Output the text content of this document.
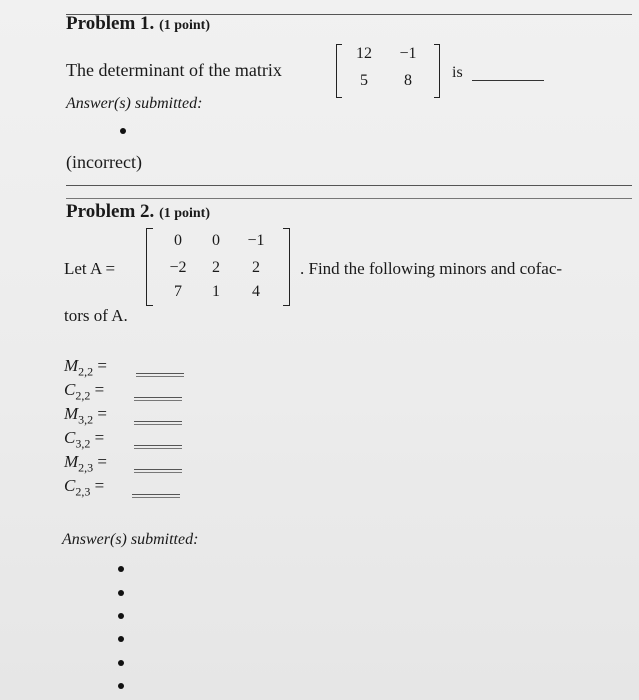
Problem 1. (1 point)
The determinant of the matrix
12 −1
5	8	is
Answer(s) submitted:
(incorrect)
Problem 2. (1 point)
Let A =
0	0	−1
−2	2	2
7	1	4
. Find the following minors and cofac-
tors of A.
$M_{2,2}$ =
$C_{2,2}$ =
$M_{3,2}$ =
$C_{3,2}$ =
$M_{2,3}$ =
$C_{2,3}$ =
Answer(s) submitted:
